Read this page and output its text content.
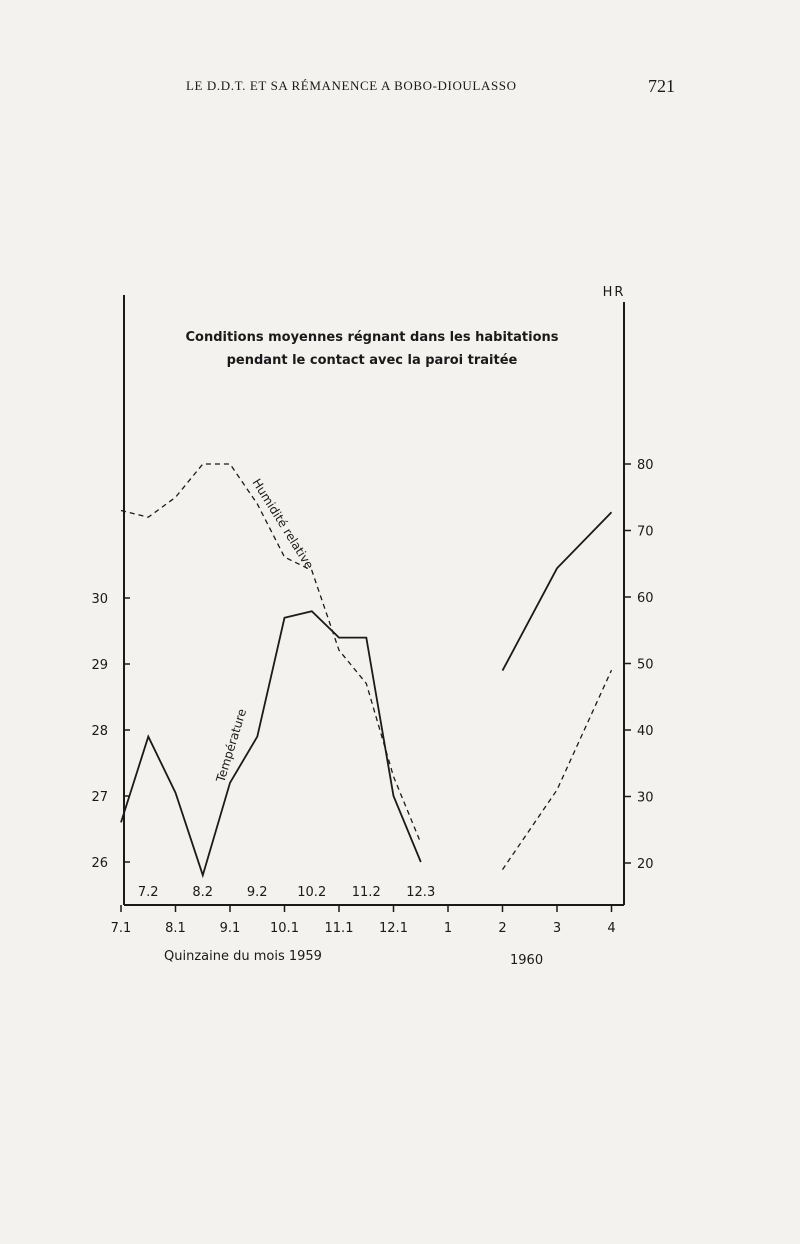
LE D.D.T. ET SA RÉMANENCE A BOBO-DIOULASSO	721
HR
Conditions moyennes régnant dans les habitations
pendant le contact avec la paroi traitée
26
27
28
29
30
20
30
40
50
60
70
80
7.1	8.1	9.1 10.1 11.1 12.1	1	2	3	4
7.2	8.2	9.2 10.2 11.2 12.3
Quinzaine du mois 1959	1960
Humidité relative
Température
